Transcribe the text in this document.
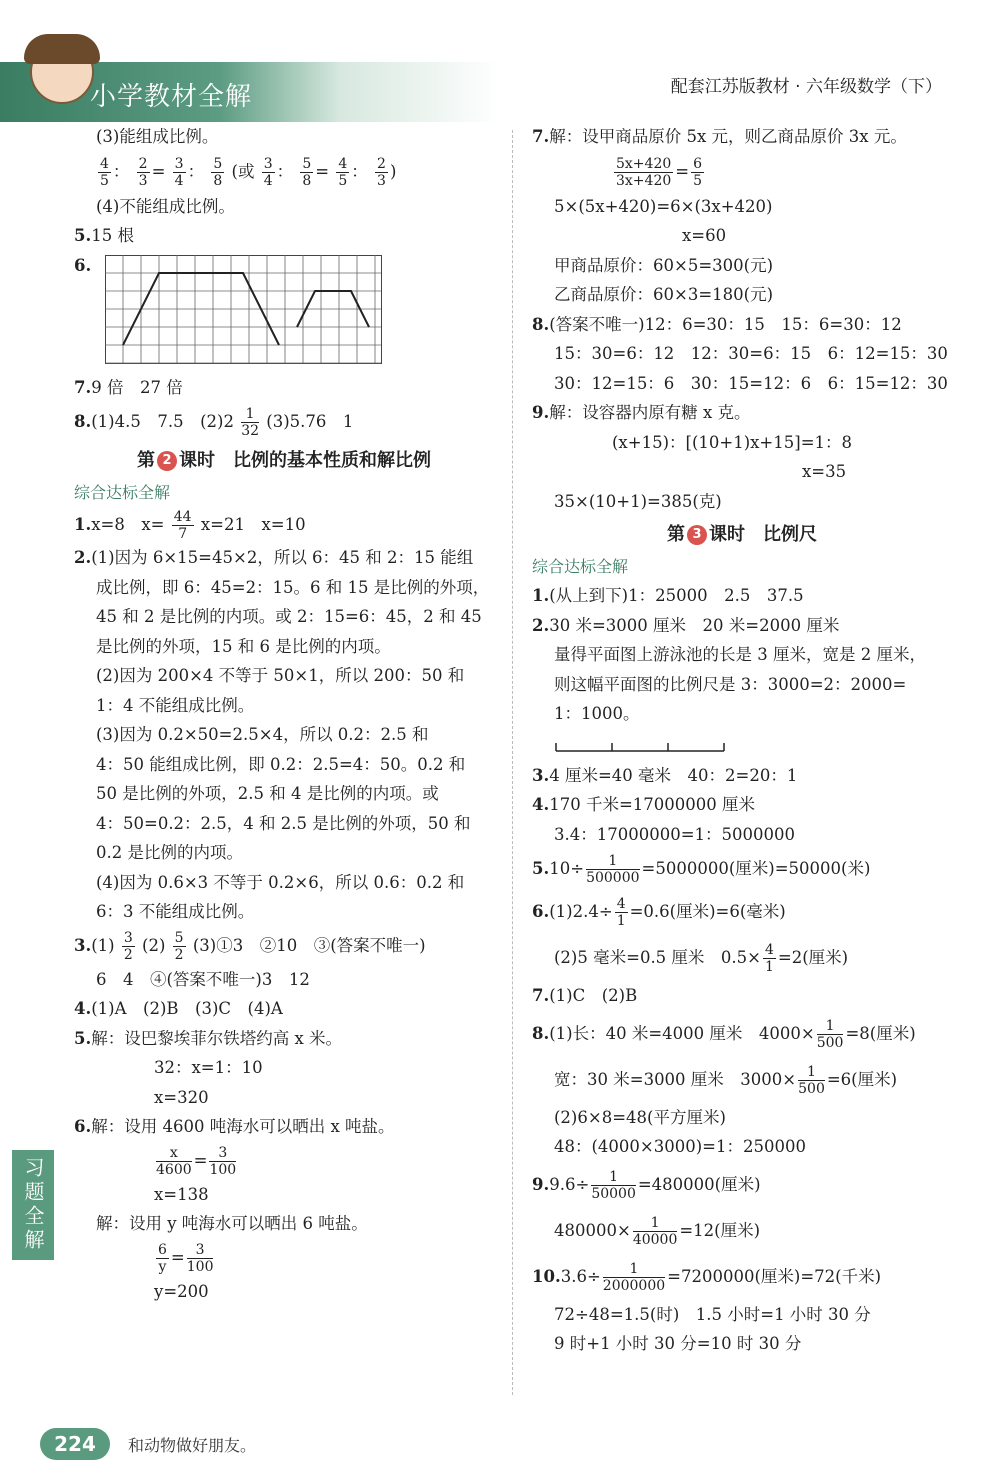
小学教材全解	配套江苏版教材 · 六年级数学（下）
(3)能组成比例。
$\frac{4}{5}$ ： $\frac{2}{3} = \frac{3}{4}$ ： $\frac{5}{8}$ (或 $\frac{3}{4}$ ： $\frac{5}{8} = \frac{4}{5}$ ： $\frac{2}{3}$ )
(4)不能组成比例。
5.15 根
6.
7.9 倍　27 倍
8.(1)4.5　7.5　$(2)2 \frac{1}{32} (3)5.76$　1
第 2 课时　比例的基本性质和解比例
综合达标全解
1.x=8　$x= \frac{44}{7} x=21$　x=10
2.(1)因为 6×15=45×2，所以 6：45 和 2：15 能组
成比例，即 6：45=2：15。6 和 15 是比例的外项，
45 和 2 是比例的内项。或 2：15=6：45，2 和 45
是比例的外项，15 和 6 是比例的内项。
(2)因为 200×4 不等于 50×1，所以 200：50 和
1：4 不能组成比例。
(3)因为 0.2×50=2.5×4，所以 0.2：2.5 和
4：50 能组成比例，即 0.2：2.5=4：50。0.2 和
50 是比例的外项，2.5 和 4 是比例的内项。或
4：50=0.2：2.5，4 和 2.5 是比例的外项，50 和
0.2 是比例的内项。
(4)因为 0.6×3 不等于 0.2×6，所以 0.6：0.2 和
6：3 不能组成比例。
$3.(1) \frac{3}{2} (2) \frac{5}{2}$ (3)①3　②10　③(答案不唯一)
6　4　④(答案不唯一)3　12
4.(1)A　(2)B　(3)C　(4)A
5.解：设巴黎埃菲尔铁塔约高 x 米。
32：x=1：10
x=320
6.解：设用 4600 吨海水可以晒出 x 吨盐。
$\frac{x}{4600} = \frac{3}{100}$
x=138
解：设用 y 吨海水可以晒出 6 吨盐。
$\frac{6}{y} = \frac{3}{100}$
y=200
7.解：设甲商品原价 5x 元，则乙商品原价 3x 元。
$\frac{5x+420}{3x+420} = \frac{6}{5}$
5×(5x+420)=6×(3x+420)
x=60
甲商品原价：60×5=300(元)
乙商品原价：60×3=180(元)
8.(答案不唯一)12：6=30：15　15：6=30：12
15：30=6：12　12：30=6：15　6：12=15：30
30：12=15：6　30：15=12：6　6：15=12：30
9.解：设容器内原有糖 x 克。
(x+15)：[(10+1)x+15]=1：8
x=35
35×(10+1)=385(克)
第 3 课时　比例尺
综合达标全解
1.(从上到下)1：25000　2.5　37.5
2.30 米=3000 厘米　20 米=2000 厘米
量得平面图上游泳池的长是 3 厘米，宽是 2 厘米，
则这幅平面图的比例尺是 3：3000=2：2000=
1：1000。
3.4 厘米=40 毫米　40：2=20：1
4.170 千米=17000000 厘米
3.4：17000000=1：5000000
$5.10\div \frac{1}{500000} =5000000$(厘米)=50000(米)
$6.(1)2.4\div \frac{4}{1} =0.6$(厘米)=6(毫米)
(2)5 毫米=0.5 厘米　$0.5\times \frac{4}{1} =2$(厘米)
7.(1)C　(2)B
8.(1)长：40 米=4000 厘米　$4000\times \frac{1}{500} =8$(厘米)
宽：30 米=3000 厘米　$3000\times \frac{1}{500} =6$(厘米)
(2)6×8=48(平方厘米)
48：(4000×3000)=1：250000
$9.9.6\div \frac{1}{50000} =480000$(厘米)
$480000\times \frac{1}{40000} =12$(厘米)
$10.3.6\div \frac{1}{2000000} =7200000$(厘米)=72(千米)
72÷48=1.5(时)　1.5 小时=1 小时 30 分
9 时+1 小时 30 分=10 时 30 分
习题全解
224	和动物做好朋友。
